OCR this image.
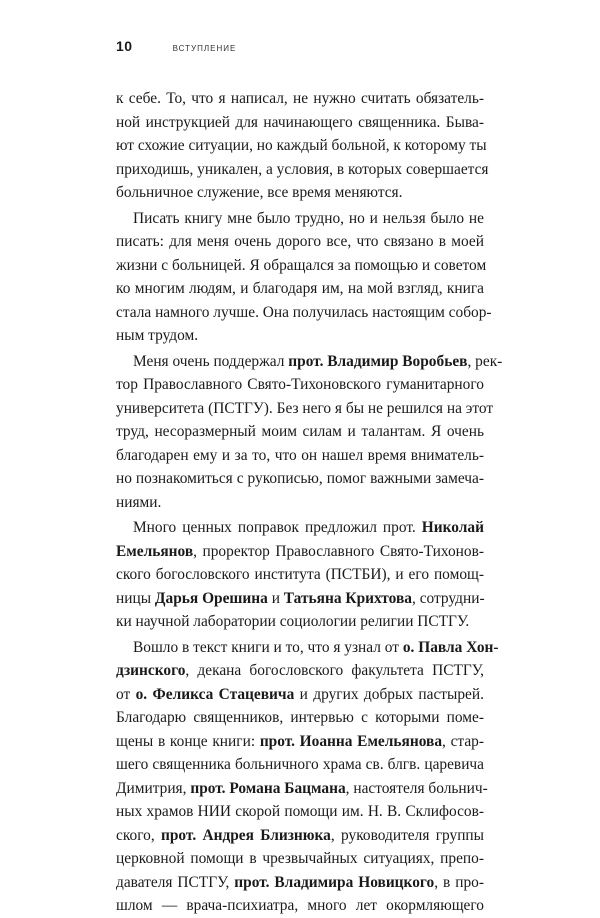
10	ВСТУПЛЕНИЕ
к себе. То, что я написал, не нужно считать обязатель-
ной инструкцией для начинающего священника. Быва-
ют схожие ситуации, но каждый больной, к которому ты
приходишь, уникален, а условия, в которых совершается
больничное служение, все время меняются.
Писать книгу мне было трудно, но и нельзя было не
писать: для меня очень дорого все, что связано в моей
жизни с больницей. Я обращался за помощью и советом
ко многим людям, и благодаря им, на мой взгляд, книга
стала намного лучше. Она получилась настоящим собор-
ным трудом.
Меня очень поддержал прот. Владимир Воробьев, рек-
тор Православного Свято-Тихоновского гуманитарного
университета (ПСТГУ). Без него я бы не решился на этот
труд, несоразмерный моим силам и талантам. Я очень
благодарен ему и за то, что он нашел время вниматель-
но познакомиться с рукописью, помог важными замеча-
ниями.
Много ценных поправок предложил прот. Николай
Емельянов, проректор Православного Свято-Тихонов-
ского богословского института (ПСТБИ), и его помощ-
ницы Дарья Орешина и Татьяна Крихтова, сотрудни-
ки научной лаборатории социологии религии ПСТГУ.
Вошло в текст книги и то, что я узнал от о. Павла Хон-
дзинского, декана богословского факультета ПСТГУ,
от о. Феликса Стацевича и других добрых пастырей.
Благодарю священников, интервью с которыми поме-
щены в конце книги: прот. Иоанна Емельянова, стар-
шего священника больничного храма св. блгв. царевича
Димитрия, прот. Романа Бацмана, настоятеля больнич-
ных храмов НИИ скорой помощи им. Н. В. Склифосов-
ского, прот. Андрея Близнюка, руководителя группы
церковной помощи в чрезвычайных ситуациях, препо-
давателя ПСТГУ, прот. Владимира Новицкого, в про-
шлом — врача-психиатра, много лет окормляющего
